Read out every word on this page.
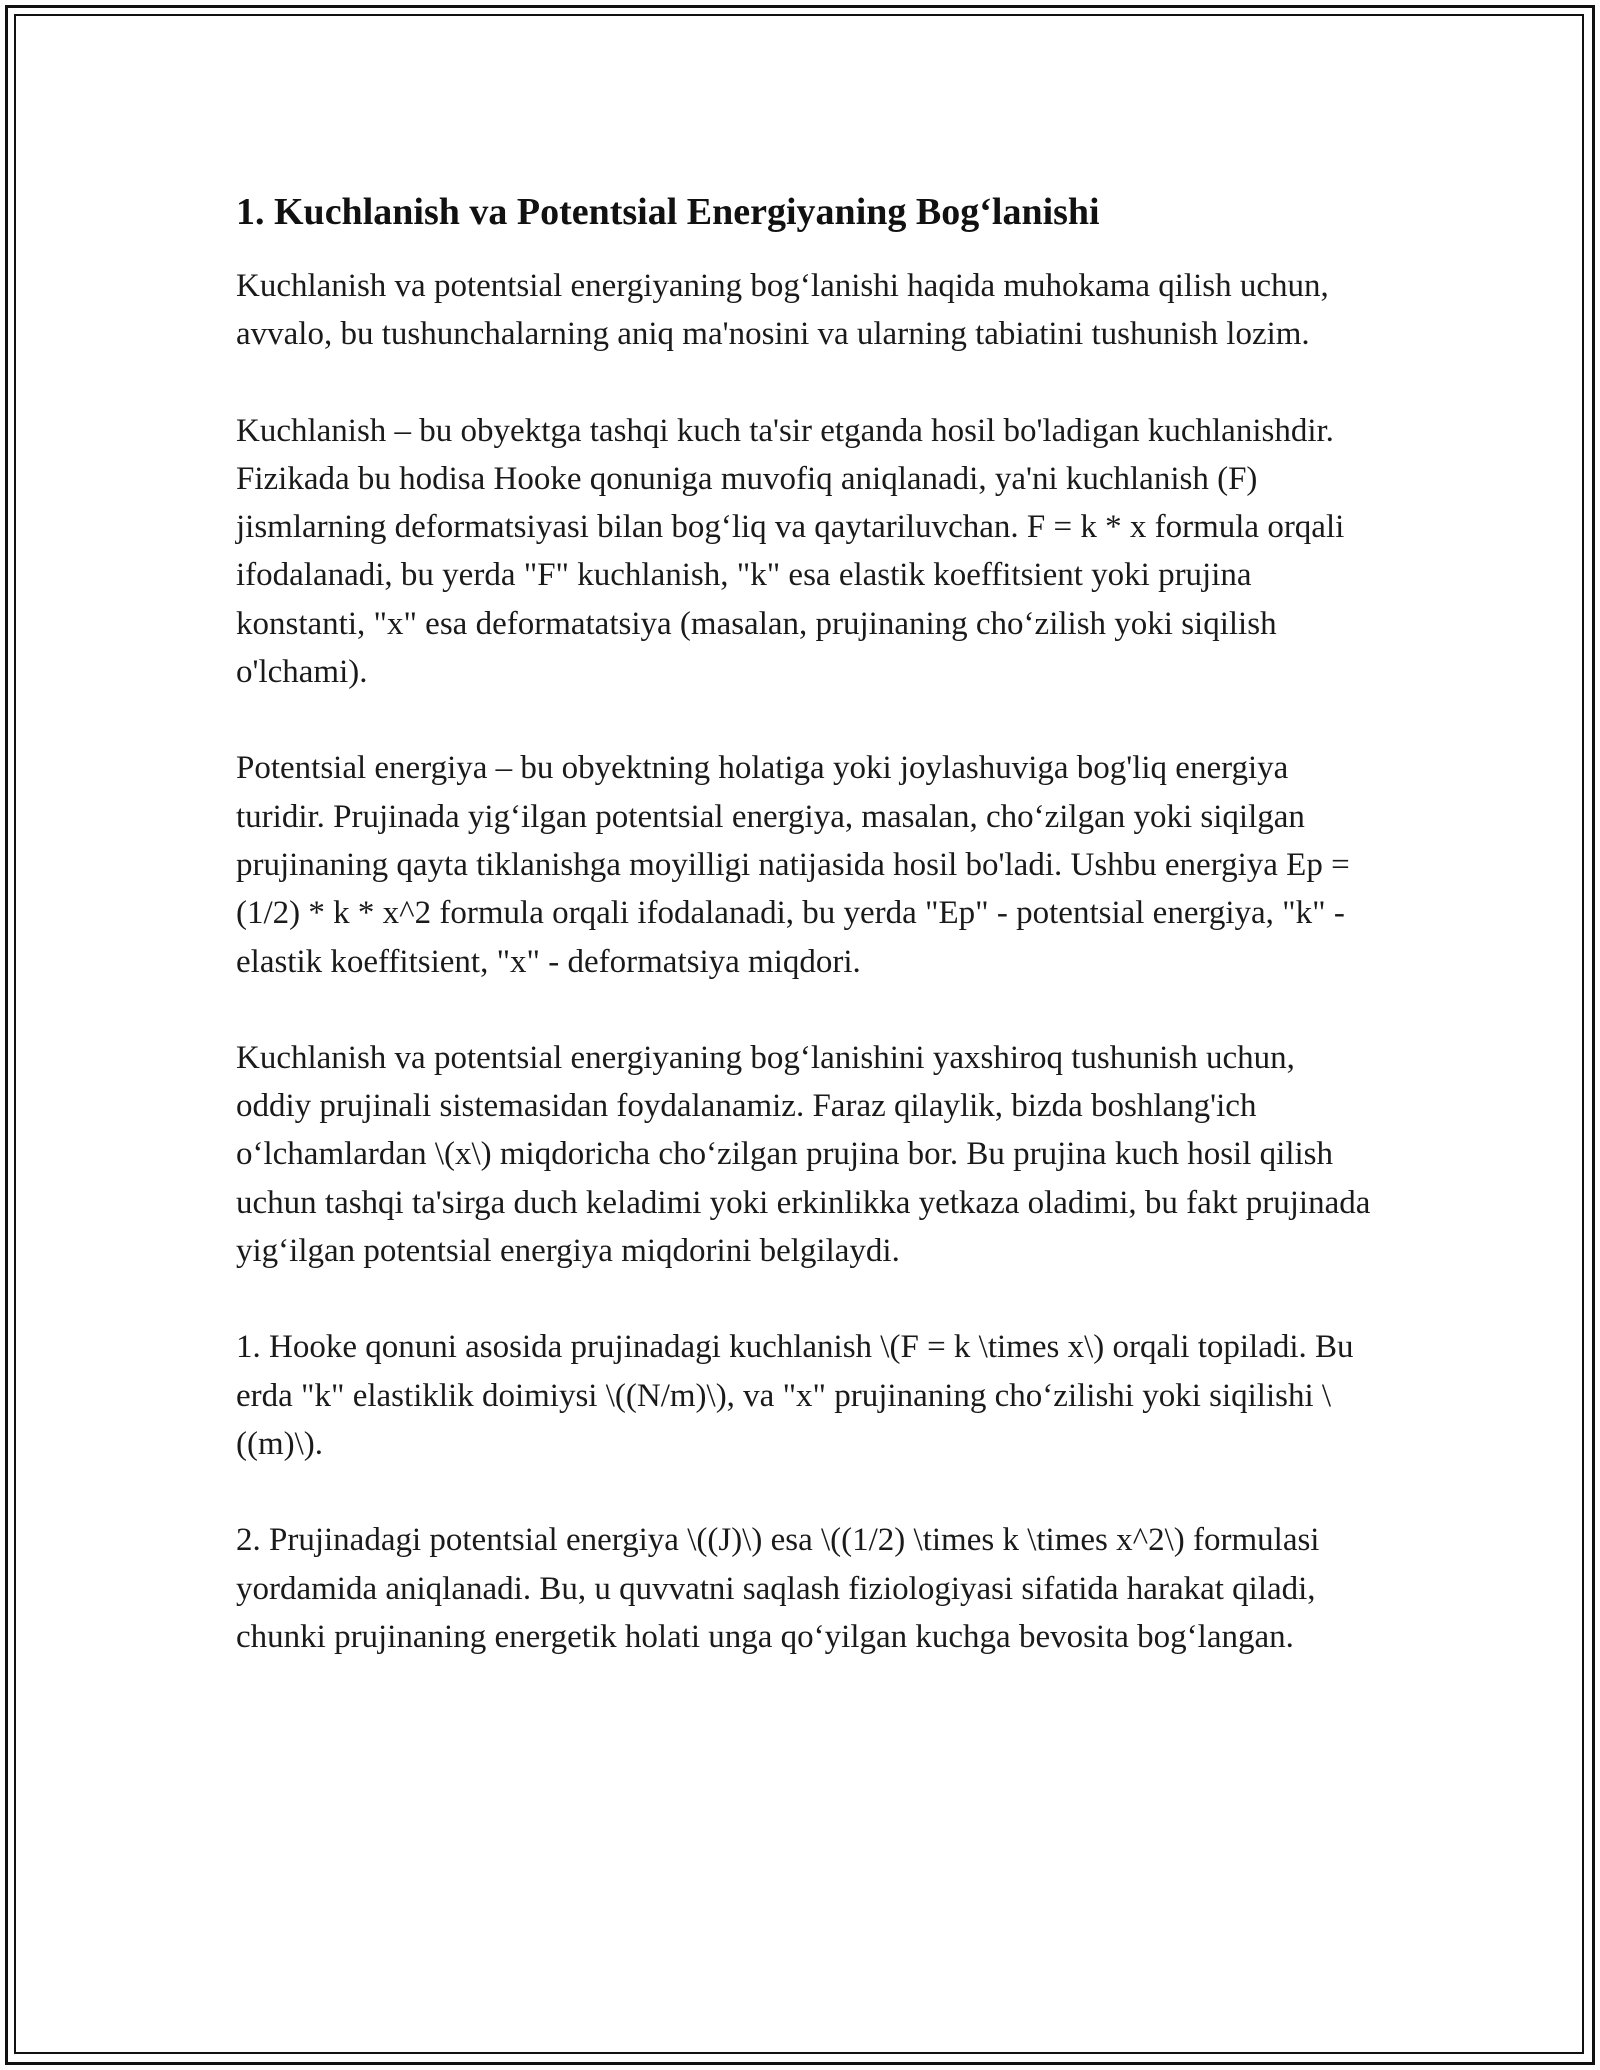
1. Kuchlanish va Potentsial Energiyaning Bog‘lanishi

Kuchlanish va potentsial energiyaning bog‘lanishi haqida muhokama qilish uchun, avvalo, bu tushunchalarning aniq ma'nosini va ularning tabiatini tushunish lozim.

Kuchlanish – bu obyektga tashqi kuch ta'sir etganda hosil bo'ladigan kuchlanishdir. Fizikada bu hodisa Hooke qonuniga muvofiq aniqlanadi, ya'ni kuchlanish (F) jismlarning deformatsiyasi bilan bog‘liq va qaytariluvchan. F = k * x formula orqali ifodalanadi, bu yerda "F" kuchlanish, "k" esa elastik koeffitsient yoki prujina konstanti, "x" esa deformatatsiya (masalan, prujinaning cho‘zilish yoki siqilish o'lchami).

Potentsial energiya – bu obyektning holatiga yoki joylashuviga bog'liq energiya turidir. Prujinada yig‘ilgan potentsial energiya, masalan, cho‘zilgan yoki siqilgan prujinaning qayta tiklanishga moyilligi natijasida hosil bo'ladi. Ushbu energiya Ep = (1/2) * k * x^2 formula orqali ifodalanadi, bu yerda "Ep" - potentsial energiya, "k" - elastik koeffitsient, "x" - deformatsiya miqdori.

Kuchlanish va potentsial energiyaning bog‘lanishini yaxshiroq tushunish uchun, oddiy prujinali sistemasidan foydalanamiz. Faraz qilaylik, bizda boshlang'ich o‘lchamlardan \(x\) miqdoricha cho‘zilgan prujina bor. Bu prujina kuch hosil qilish uchun tashqi ta'sirga duch keladimi yoki erkinlikka yetkaza oladimi, bu fakt prujinada yig‘ilgan potentsial energiya miqdorini belgilaydi.

1. Hooke qonuni asosida prujinadagi kuchlanish \(F = k \times x\) orqali topiladi. Bu erda "k" elastiklik doimiysi \((N/m)\), va "x" prujinaning cho‘zilishi yoki siqilishi \((m)\).

2. Prujinadagi potentsial energiya \((J)\) esa \((1/2) \times k \times x^2\) formulasi yordamida aniqlanadi. Bu, u quvvatni saqlash fiziologiyasi sifatida harakat qiladi, chunki prujinaning energetik holati unga qo‘yilgan kuchga bevosita bog‘langan.
